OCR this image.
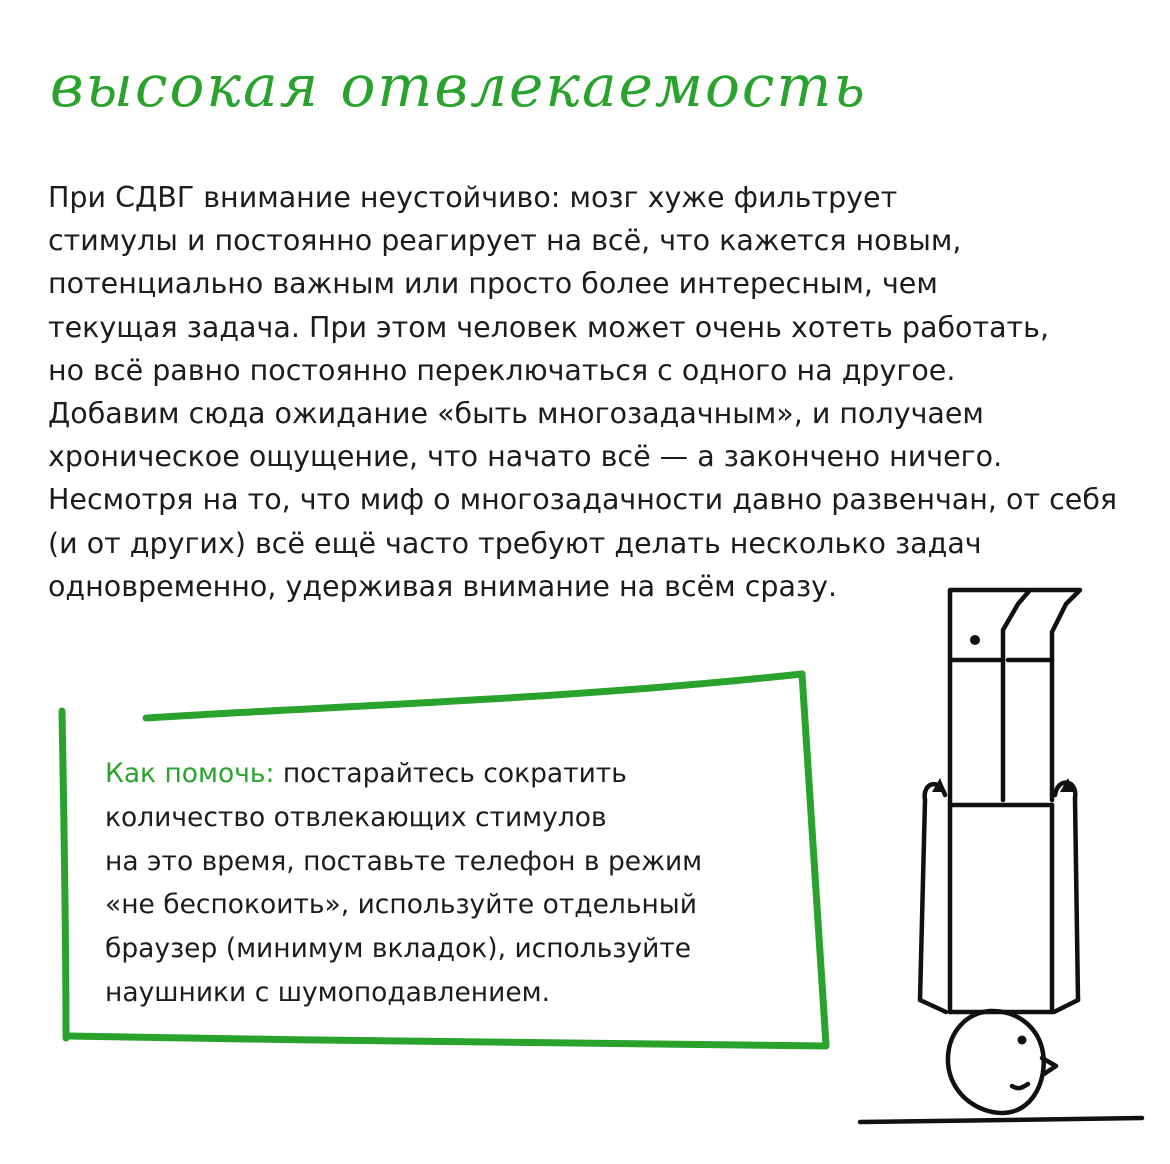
высокая отвлекаемость

При СДВГ внимание неустойчиво: мозг хуже фильтрует
стимулы и постоянно реагирует на всё, что кажется новым,
потенциально важным или просто более интересным, чем
текущая задача. При этом человек может очень хотеть работать,
но всё равно постоянно переключаться с одного на другое.
Добавим сюда ожидание «быть многозадачным», и получаем
хроническое ощущение, что начато всё — а закончено ничего.
Несмотря на то, что миф о многозадачности давно развенчан, от себя
(и от других) всё ещё часто требуют делать несколько задач
одновременно, удерживая внимание на всём сразу.

Как помочь: постарайтесь сократить
количество отвлекающих стимулов
на это время, поставьте телефон в режим
«не беспокоить», используйте отдельный
браузер (минимум вкладок), используйте
наушники с шумоподавлением.
